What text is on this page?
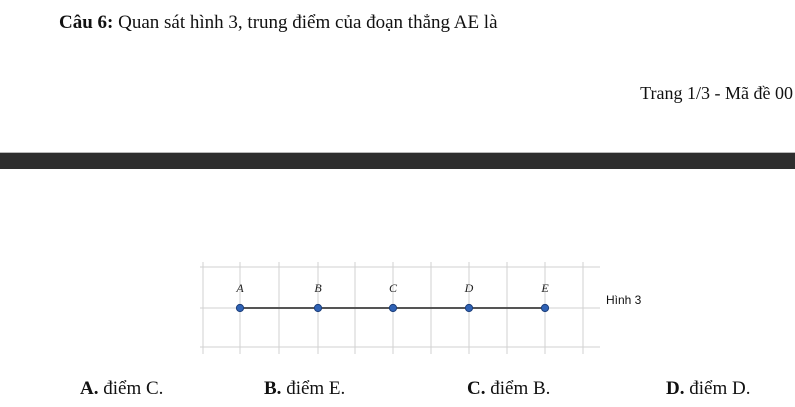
Câu 6: Quan sát hình 3, trung điểm của đoạn thẳng AE là
Trang 1/3 - Mã đề 00
A	B	C	D	E
Hình 3
A. điểm C.	B. điểm E.	C. điểm B.	D. điểm D.
